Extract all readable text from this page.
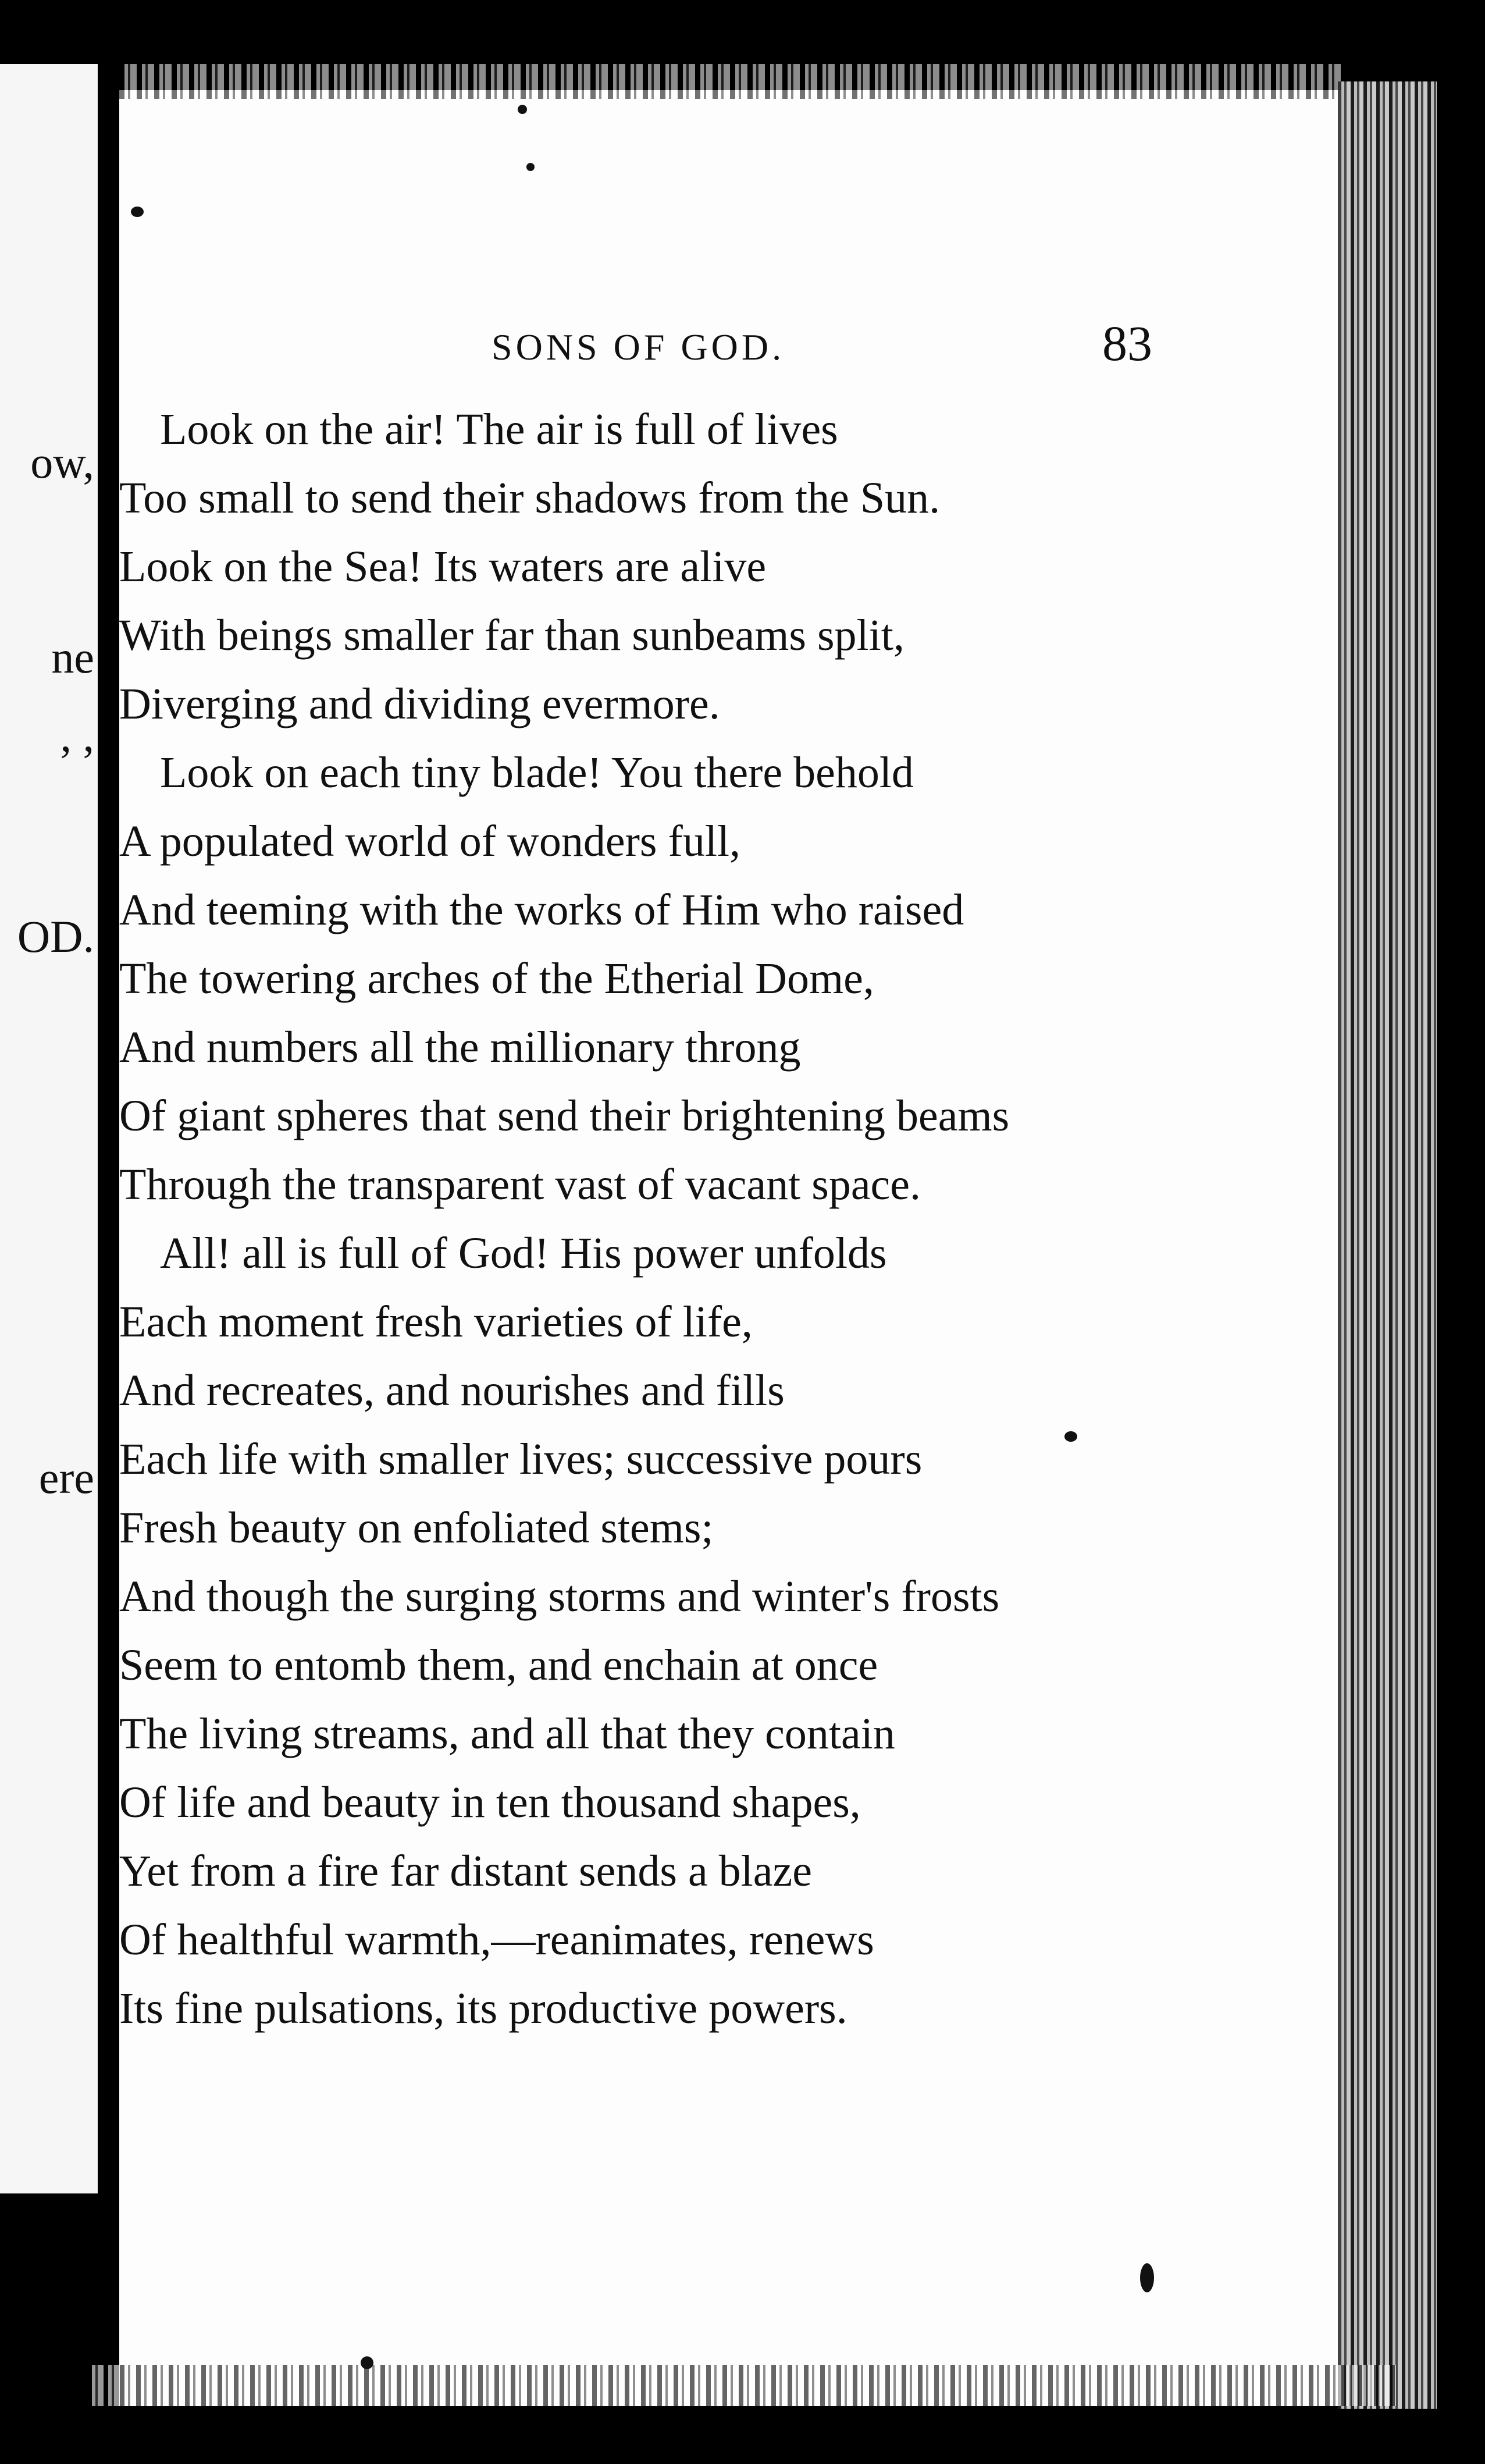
ow,
ne
, ,
OD.
ere
SONS OF GOD.	83
Look on the air! The air is full of lives
Too small to send their shadows from the Sun.
Look on the Sea! Its waters are alive
With beings smaller far than sunbeams split,
Diverging and dividing evermore.
Look on each tiny blade! You there behold
A populated world of wonders full,
And teeming with the works of Him who raised
The towering arches of the Etherial Dome,
And numbers all the millionary throng
Of giant spheres that send their brightening beams
Through the transparent vast of vacant space.
All! all is full of God! His power unfolds
Each moment fresh varieties of life,
And recreates, and nourishes and fills
Each life with smaller lives; successive pours
Fresh beauty on enfoliated stems;
And though the surging storms and winter's frosts
Seem to entomb them, and enchain at once
The living streams, and all that they contain
Of life and beauty in ten thousand shapes,
Yet from a fire far distant sends a blaze
Of healthful warmth,—reanimates, renews
Its fine pulsations, its productive powers.
